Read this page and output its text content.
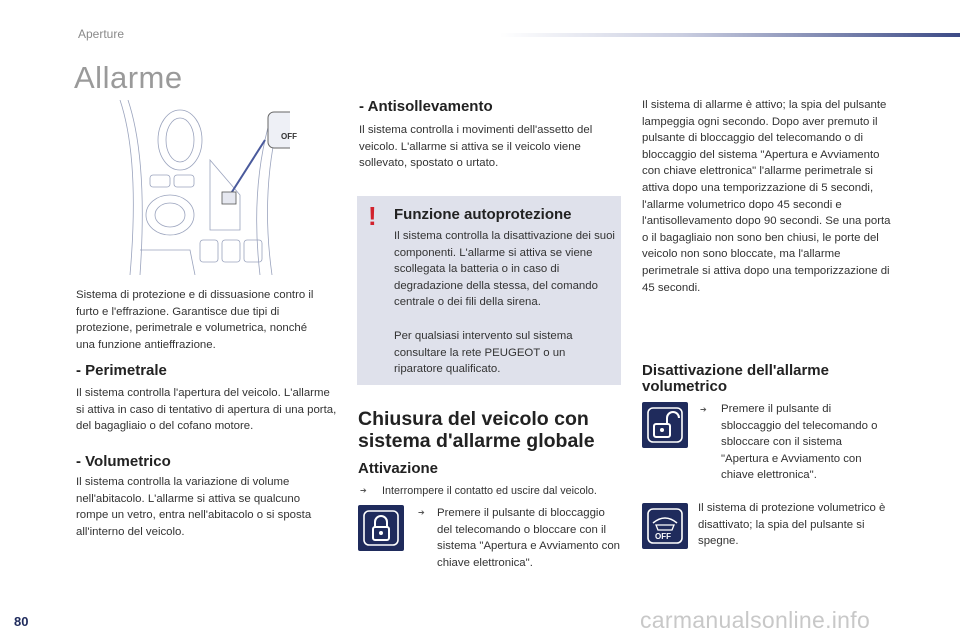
Aperture
Allarme
OFF

Sistema di protezione e di dissuasione contro il furto e l'effrazione. Garantisce due tipi di protezione, perimetrale e volumetrica, nonché una funzione antieffrazione.

- Perimetrale

Il sistema controlla l'apertura del veicolo. L'allarme si attiva in caso di tentativo di apertura di una porta, del bagagliaio o del cofano motore.

- Volumetrico

Il sistema controlla la variazione di volume nell'abitacolo. L'allarme si attiva se qualcuno rompe un vetro, entra nell'abitacolo o si sposta all'interno del veicolo.

- Antisollevamento

Il sistema controlla i movimenti dell'assetto del veicolo. L'allarme si attiva se il veicolo viene sollevato, spostato o urtato.

! Funzione autoprotezione

Il sistema controlla la disattivazione dei suoi componenti. L'allarme si attiva se viene scollegata la batteria o in caso di degradazione della stessa, del comando centrale o dei fili della sirena.

Per qualsiasi intervento sul sistema consultare la rete PEUGEOT o un riparatore qualificato.

Chiusura del veicolo con sistema d'allarme globale
Attivazione
➔ Interrompere il contatto ed uscire dal veicolo.

➔ Premere il pulsante di bloccaggio del telecomando o bloccare con il sistema "Apertura e Avviamento con chiave elettronica".

Il sistema di allarme è attivo; la spia del pulsante lampeggia ogni secondo. Dopo aver premuto il pulsante di bloccaggio del telecomando o di bloccaggio del sistema "Apertura e Avviamento con chiave elettronica" l'allarme perimetrale si attiva dopo una temporizzazione di 5 secondi, l'allarme volumetrico dopo 45 secondi e l'antisollevamento dopo 90 secondi. Se una porta o il bagagliaio non sono ben chiusi, le porte del veicolo non sono bloccate, ma l'allarme perimetrale si attiva dopo una temporizzazione di 45 secondi.

Disattivazione dell'allarme volumetrico
➔ Premere il pulsante di sbloccaggio del telecomando o sbloccare con il sistema "Apertura e Avviamento con chiave elettronica".

OFF

Il sistema di protezione volumetrico è disattivato; la spia del pulsante si spegne.

80	carmanualsonline.info
